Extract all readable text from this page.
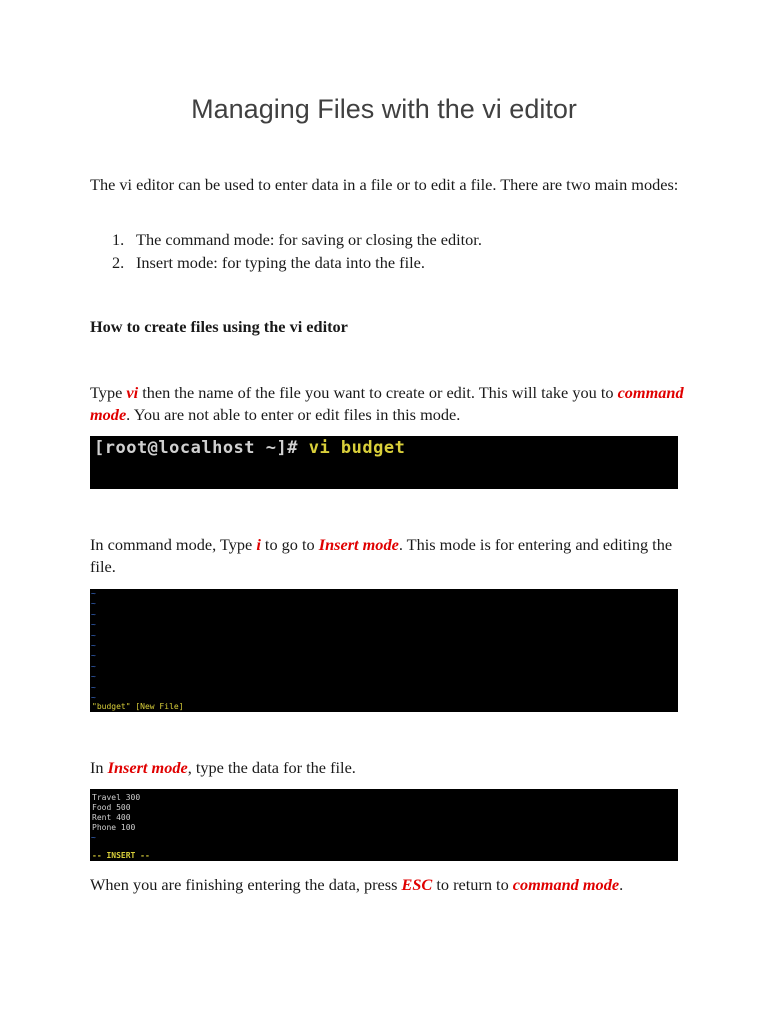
Managing Files with the vi editor

The vi editor can be used to enter data in a file or to edit a file. There are two main modes:

1. The command mode: for saving or closing the editor.
2. Insert mode: for typing the data into the file.

How to create files using the vi editor

Type vi then the name of the file you want to create or edit. This will take you to command mode. You are not able to enter or edit files in this mode.

[root@localhost ~]# vi budget

In command mode, Type i to go to Insert mode. This mode is for entering and editing the file.

~
~
~
~
~
~
~
~
~
~
~
"budget" [New File]

In Insert mode, type the data for the file.

Travel 300
Food 500
Rent 400
Phone 100
~
-- INSERT --

When you are finishing entering the data, press ESC to return to command mode.
